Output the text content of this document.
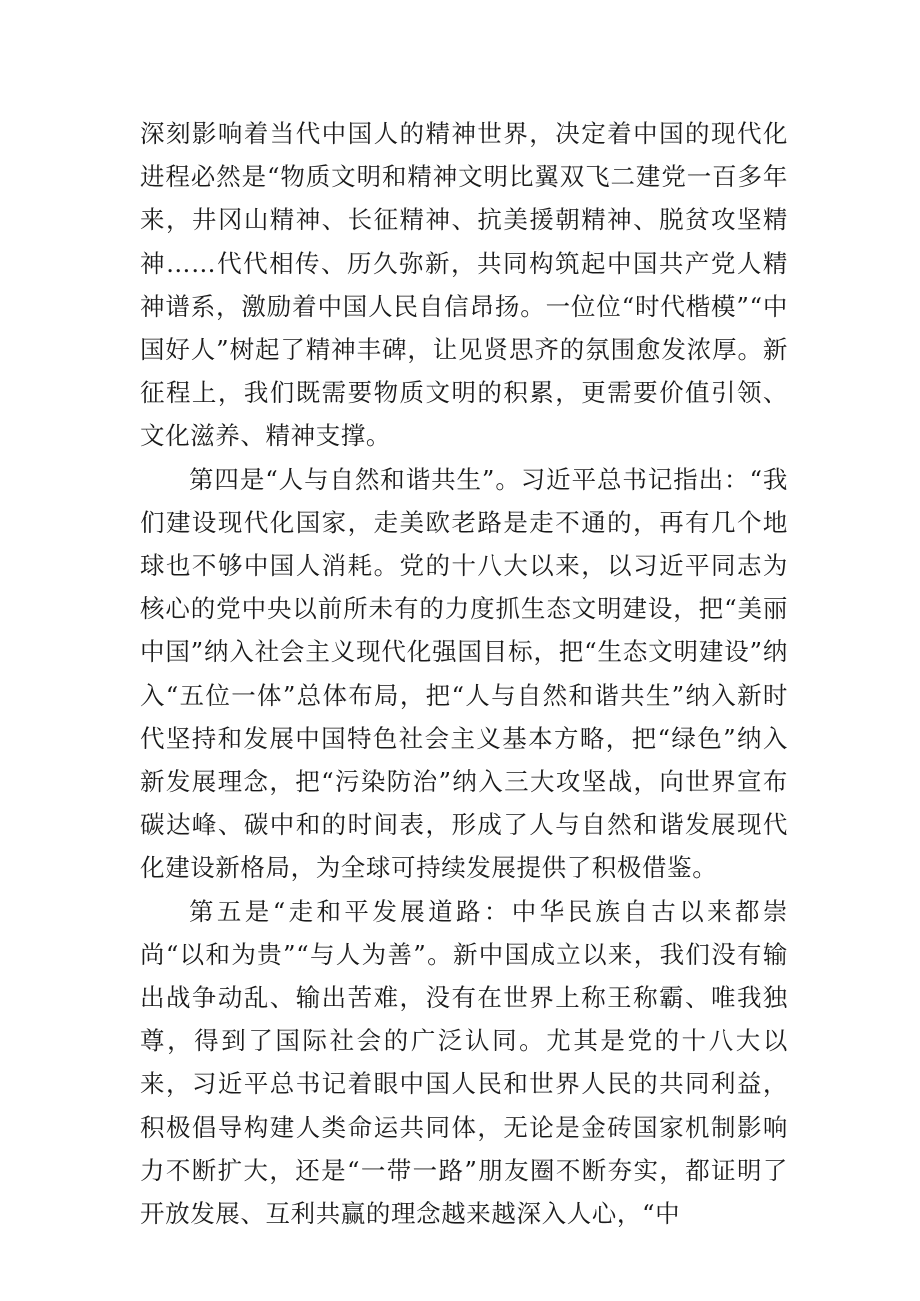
深刻影响着当代中国人的精神世界，决定着中国的现代化进程必然是“物质文明和精神文明比翼双飞二建党一百多年来，井冈山精神、长征精神、抗美援朝精神、脱贫攻坚精神……代代相传、历久弥新，共同构筑起中国共产党人精神谱系，激励着中国人民自信昂扬。一位位“时代楷模”“中国好人”树起了精神丰碑，让见贤思齐的氛围愈发浓厚。新征程上，我们既需要物质文明的积累，更需要价值引领、文化滋养、精神支撑。

第四是“人与自然和谐共生”。习近平总书记指出：“我们建设现代化国家，走美欧老路是走不通的，再有几个地球也不够中国人消耗。党的十八大以来，以习近平同志为核心的党中央以前所未有的力度抓生态文明建设，把“美丽中国”纳入社会主义现代化强国目标，把“生态文明建设”纳入“五位一体”总体布局，把“人与自然和谐共生”纳入新时代坚持和发展中国特色社会主义基本方略，把“绿色”纳入新发展理念，把“污染防治”纳入三大攻坚战，向世界宣布碳达峰、碳中和的时间表，形成了人与自然和谐发展现代化建设新格局，为全球可持续发展提供了积极借鉴。

第五是“走和平发展道路：中华民族自古以来都崇尚“以和为贵”“与人为善”。新中国成立以来，我们没有输出战争动乱、输出苦难，没有在世界上称王称霸、唯我独尊，得到了国际社会的广泛认同。尤其是党的十八大以来，习近平总书记着眼中国人民和世界人民的共同利益，积极倡导构建人类命运共同体，无论是金砖国家机制影响力不断扩大，还是“一带一路”朋友圈不断夯实，都证明了开放发展、互利共赢的理念越来越深入人心，“中
